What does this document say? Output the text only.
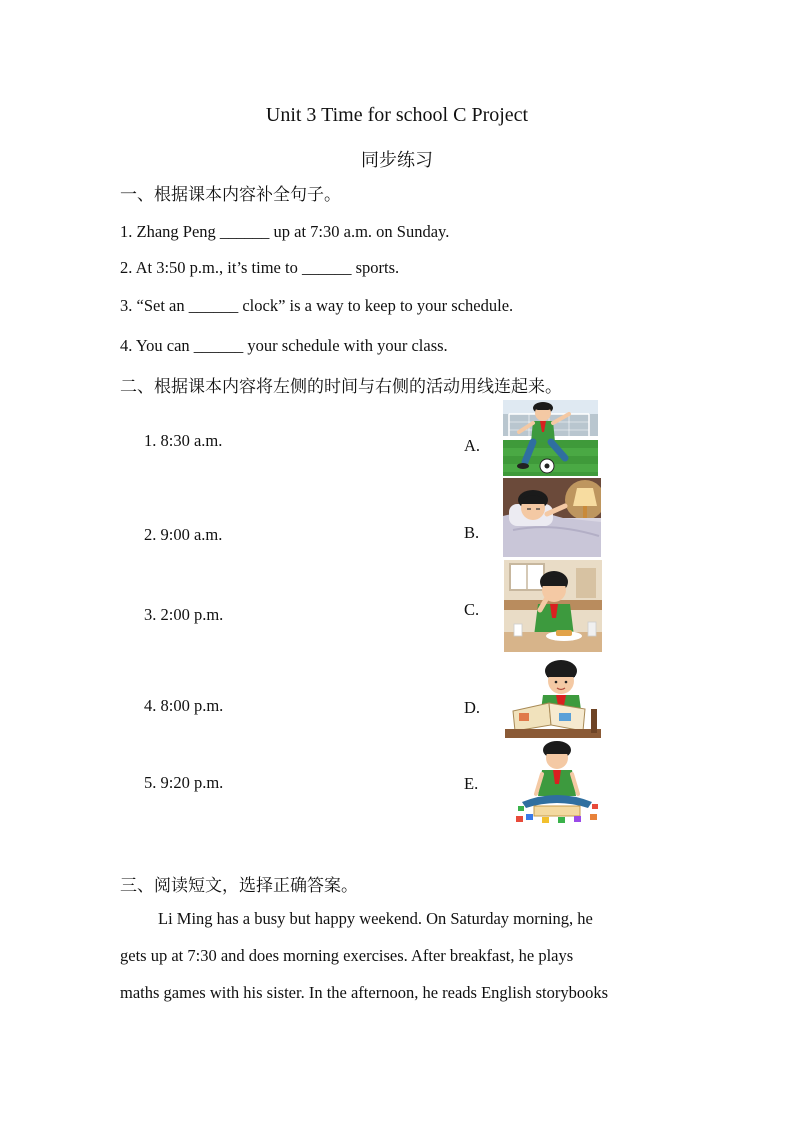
Unit 3 Time for school C Project
同步练习
一、根据课本内容补全句子。
1. Zhang Peng ______ up at 7:30 a.m. on Sunday.
2. At 3:50 p.m., it’s time to ______ sports.
3. “Set an ______ clock” is a way to keep to your schedule.
4. You can ______ your schedule with your class.
二、根据课本内容将左侧的时间与右侧的活动用线连起来。
1. 8:30 a.m.
2. 9:00 a.m.
3. 2:00 p.m.
4. 8:00 p.m.
5. 9:20 p.m.
A.
B.
C.
D.
E.
三、阅读短文，选择正确答案。
Li Ming has a busy but happy weekend. On Saturday morning, he
gets up at 7:30 and does morning exercises. After breakfast, he plays
maths games with his sister. In the afternoon, he reads English storybooks
